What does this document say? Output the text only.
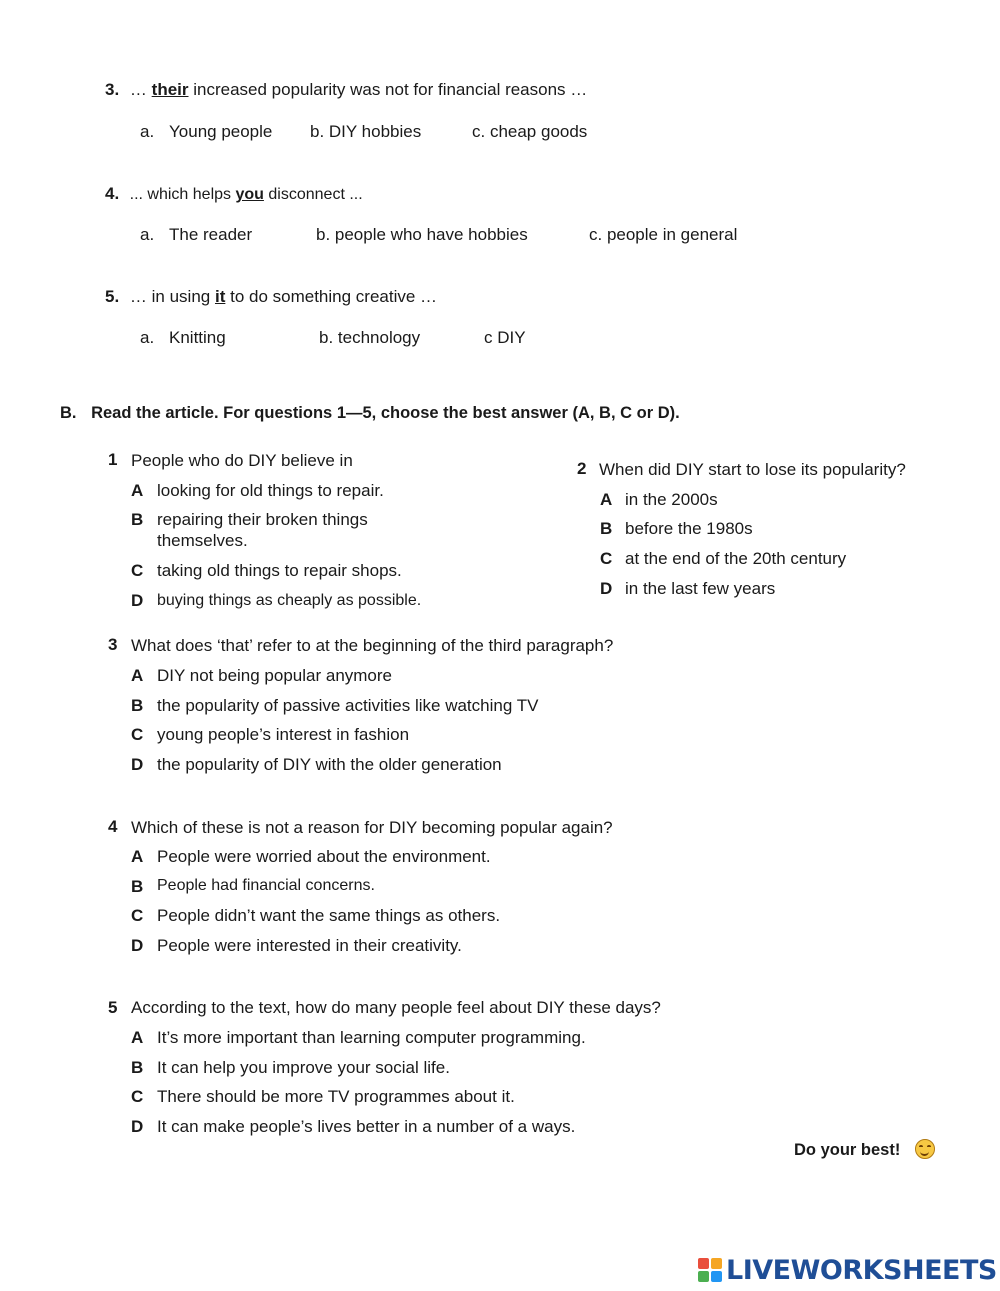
3. … their increased popularity was not for financial reasons …
a. Young people b. DIY hobbies	c. cheap goods
4. ... which helps you disconnect ...
a. The reader	b. people who have hobbies	c. people in general
5. … in using it to do something creative …
a. Knitting	b. technology	c DIY
B. Read the article. For questions 1—5, choose the best answer (A, B, C or D).
1 People who do DIY believe in
A looking for old things to repair.
B repairing their broken things
themselves.
C taking old things to repair shops.
D buying things as cheaply as possible.
2 When did DIY start to lose its popularity?
A in the 2000s
B before the 1980s
C at the end of the 20th century
D in the last few years
3 What does ‘that’ refer to at the beginning of the third paragraph?
A DIY not being popular anymore
B the popularity of passive activities like watching TV
C young people’s interest in fashion
D the popularity of DIY with the older generation
4 Which of these is not a reason for DIY becoming popular again?
A People were worried about the environment.
B People had financial concerns.
C People didn’t want the same things as others.
D People were interested in their creativity.
5 According to the text, how do many people feel about DIY these days?
A It’s more important than learning computer programming.
B It can help you improve your social life.
C There should be more TV programmes about it.
D It can make people’s lives better in a number of a ways.
Do your best!
LIVEWORKSHEETS
